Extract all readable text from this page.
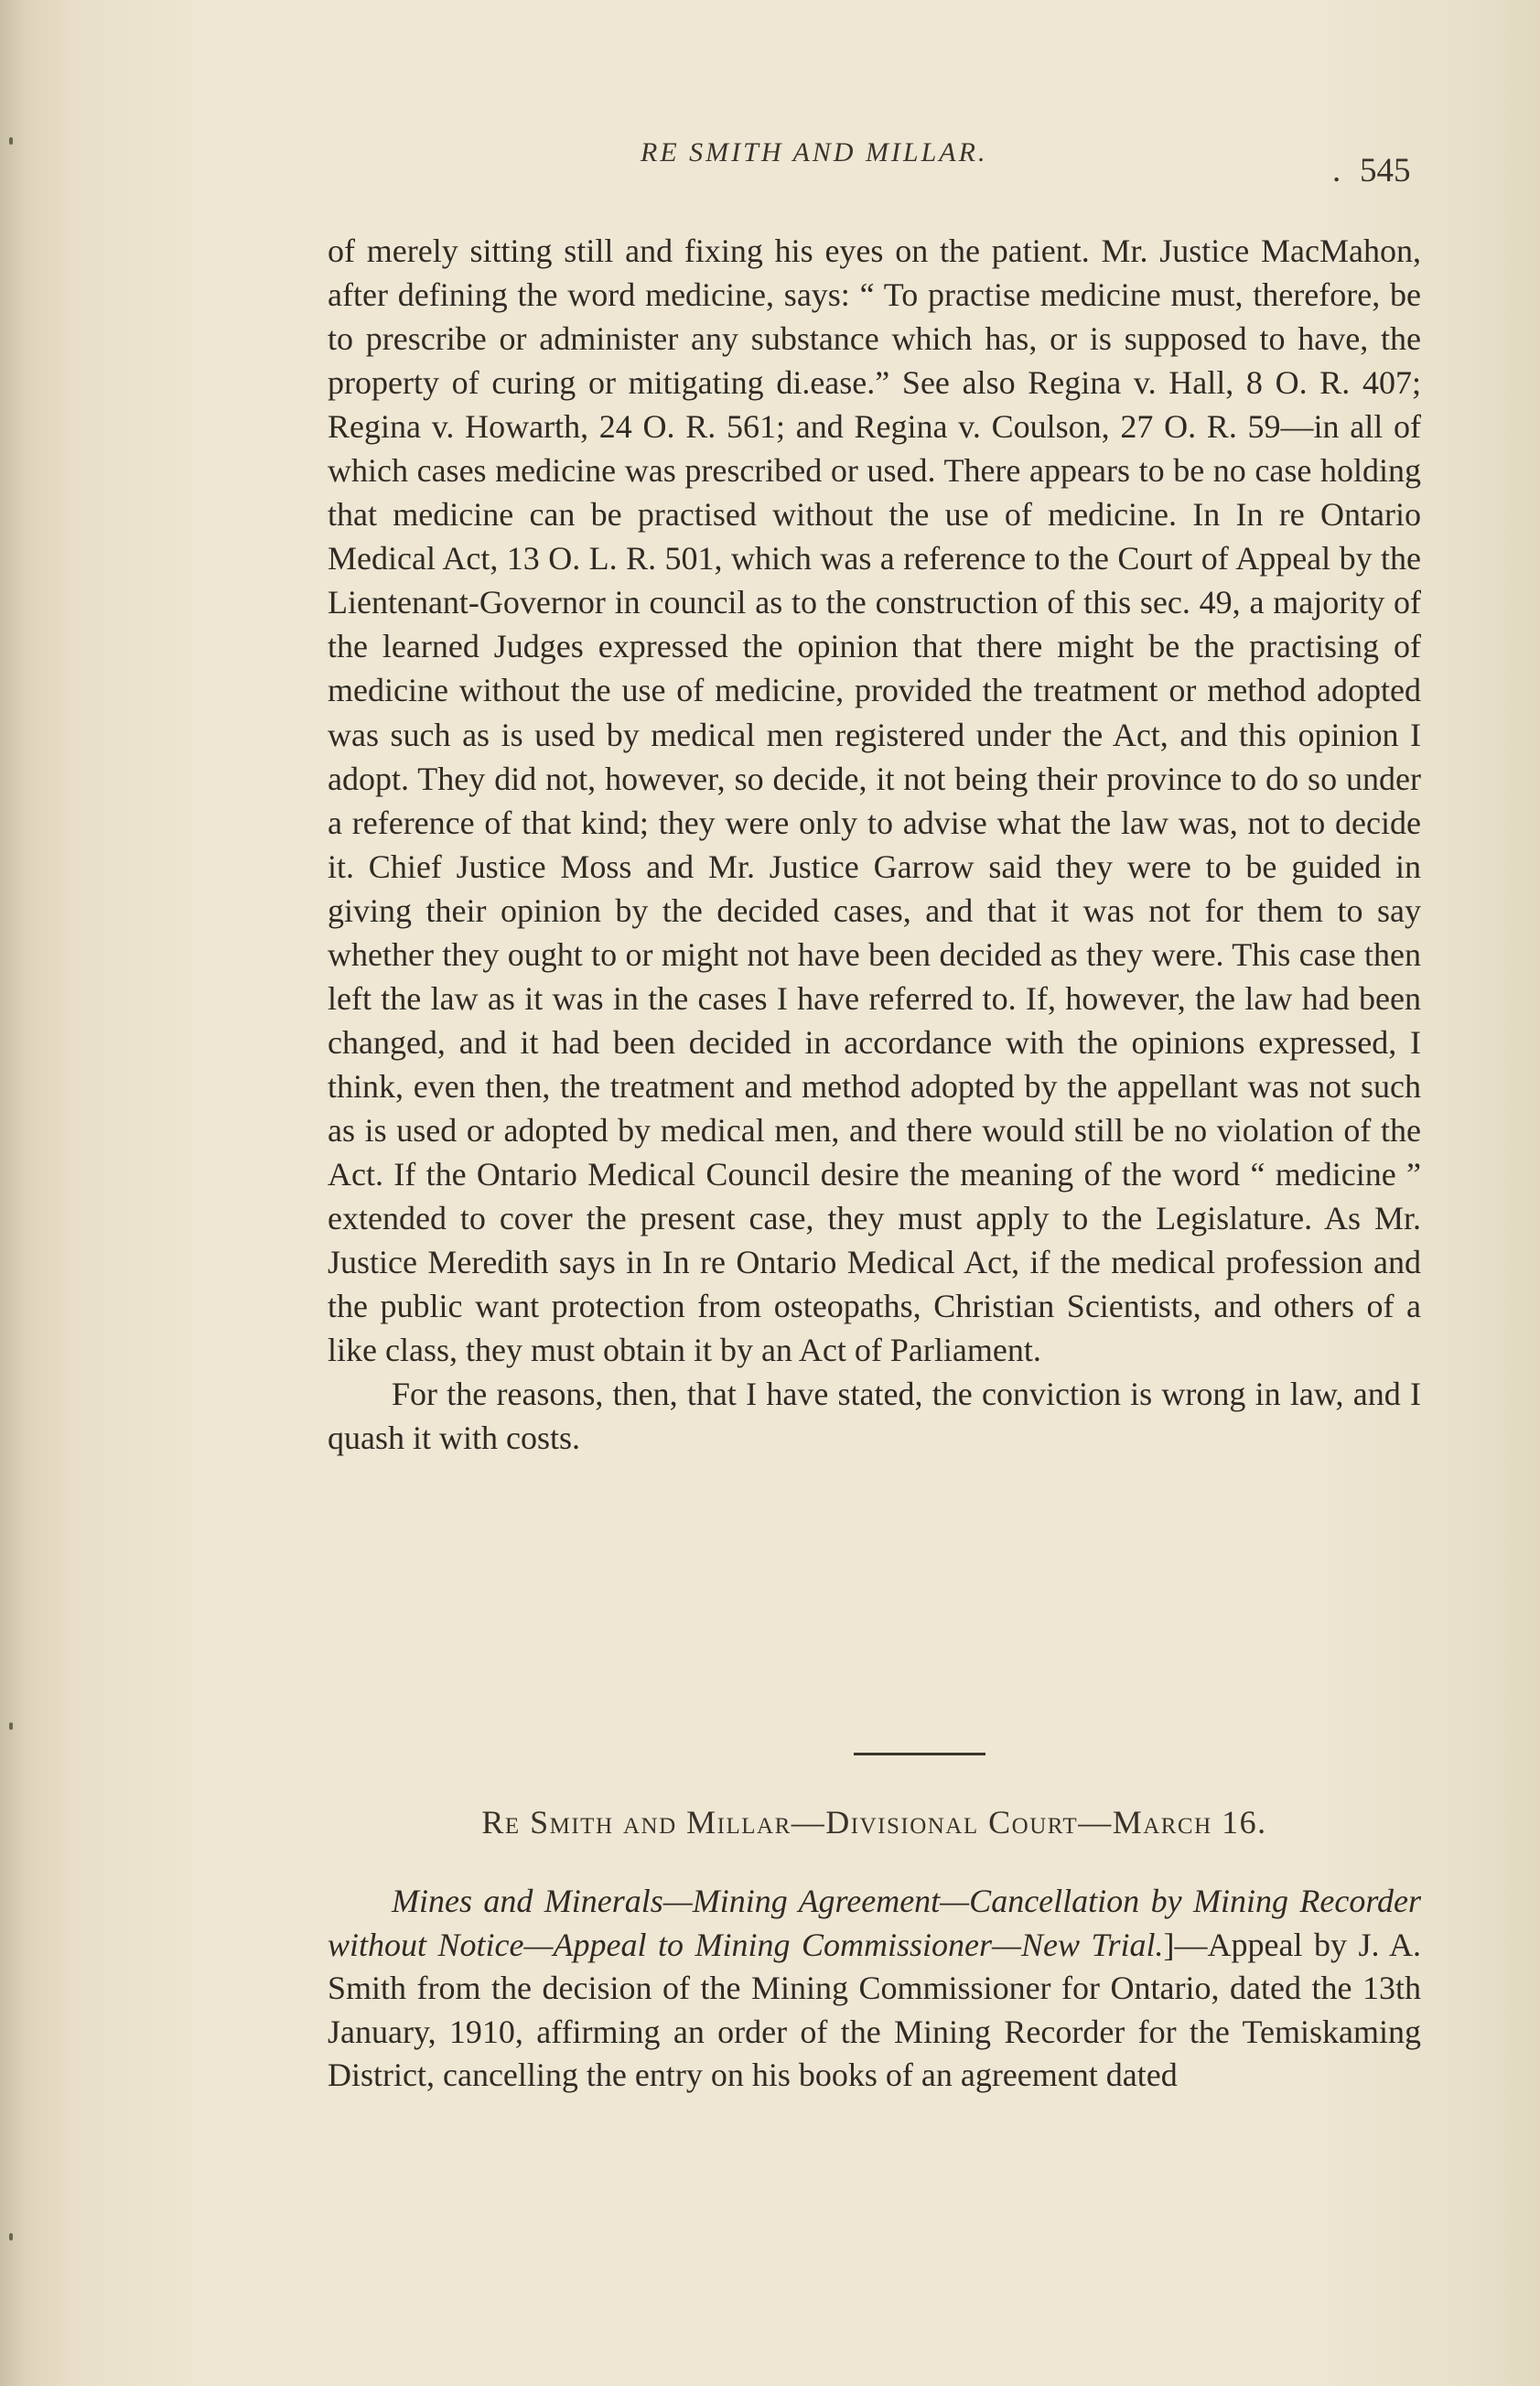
RE SMITH AND MILLAR.	. 545

of merely sitting still and fixing his eyes on the patient. Mr. Justice MacMahon, after defining the word medicine, says: “ To practise medicine must, therefore, be to prescribe or administer any substance which has, or is supposed to have, the property of curing or mitigating di.ease.” See also Regina v. Hall, 8 O. R. 407; Regina v. Howarth, 24 O. R. 561; and Regina v. Coulson, 27 O. R. 59—in all of which cases medicine was prescribed or used. There appears to be no case holding that medicine can be practised without the use of medicine. In In re Ontario Medical Act, 13 O. L. R. 501, which was a reference to the Court of Appeal by the Lientenant-Governor in council as to the construction of this sec. 49, a majority of the learned Judges expressed the opinion that there might be the practising of medicine without the use of medicine, provided the treatment or method adopted was such as is used by medical men registered under the Act, and this opinion I adopt. They did not, however, so decide, it not being their province to do so under a reference of that kind; they were only to advise what the law was, not to decide it. Chief Justice Moss and Mr. Justice Garrow said they were to be guided in giving their opinion by the decided cases, and that it was not for them to say whether they ought to or might not have been decided as they were. This case then left the law as it was in the cases I have referred to. If, however, the law had been changed, and it had been decided in accordance with the opinions expressed, I think, even then, the treatment and method adopted by the appellant was not such as is used or adopted by medical men, and there would still be no violation of the Act. If the Ontario Medical Council desire the meaning of the word “ medicine ” extended to cover the present case, they must apply to the Legislature. As Mr. Justice Meredith says in In re Ontario Medical Act, if the medical profession and the public want protection from osteopaths, Christian Scientists, and others of a like class, they must obtain it by an Act of Parliament.

For the reasons, then, that I have stated, the conviction is wrong in law, and I quash it with costs.

Re Smith and Millar—Divisional Court—March 16.
Mines and Minerals—Mining Agreement—Cancellation by Mining Recorder without Notice—Appeal to Mining Commissioner—New Trial.]—Appeal by J. A. Smith from the decision of the Mining Commissioner for Ontario, dated the 13th January, 1910, affirming an order of the Mining Recorder for the Temiskaming District, cancelling the entry on his books of an agreement dated
